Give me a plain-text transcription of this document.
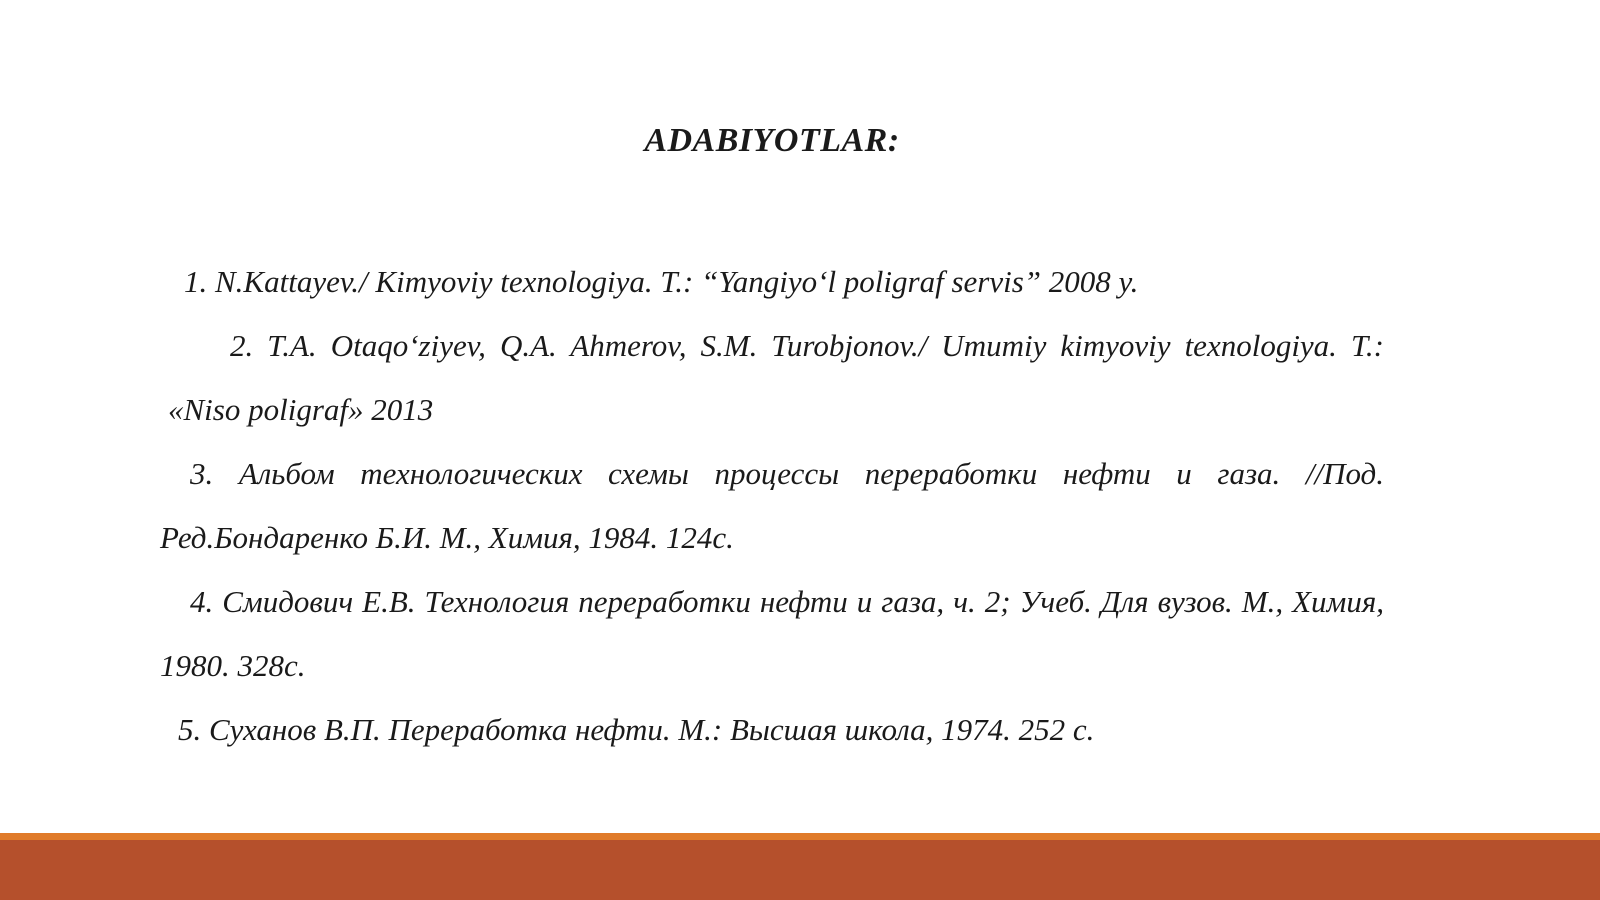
ADABIYOTLAR:

1. N.Kattayev./ Kimyoviy texnologiya. T.: “Yangiyo‘l poligraf servis” 2008 y.

2. T.A. Otaqo‘ziyev, Q.A. Ahmerov, S.M. Turobjonov./ Umumiy kimyoviy texnologiya. T.: «Niso poligraf» 2013

3. Альбом технологических схемы процессы переработки нефти и газа. //Под. Ред.Бондаренко Б.И. М., Химия, 1984. 124с.

4. Смидович Е.В. Технология переработки нефти и газа, ч. 2; Учеб. Для вузов. М., Химия, 1980. 328с.

5. Суханов В.П. Переработка нефти. М.: Высшая школа, 1974. 252 с.
